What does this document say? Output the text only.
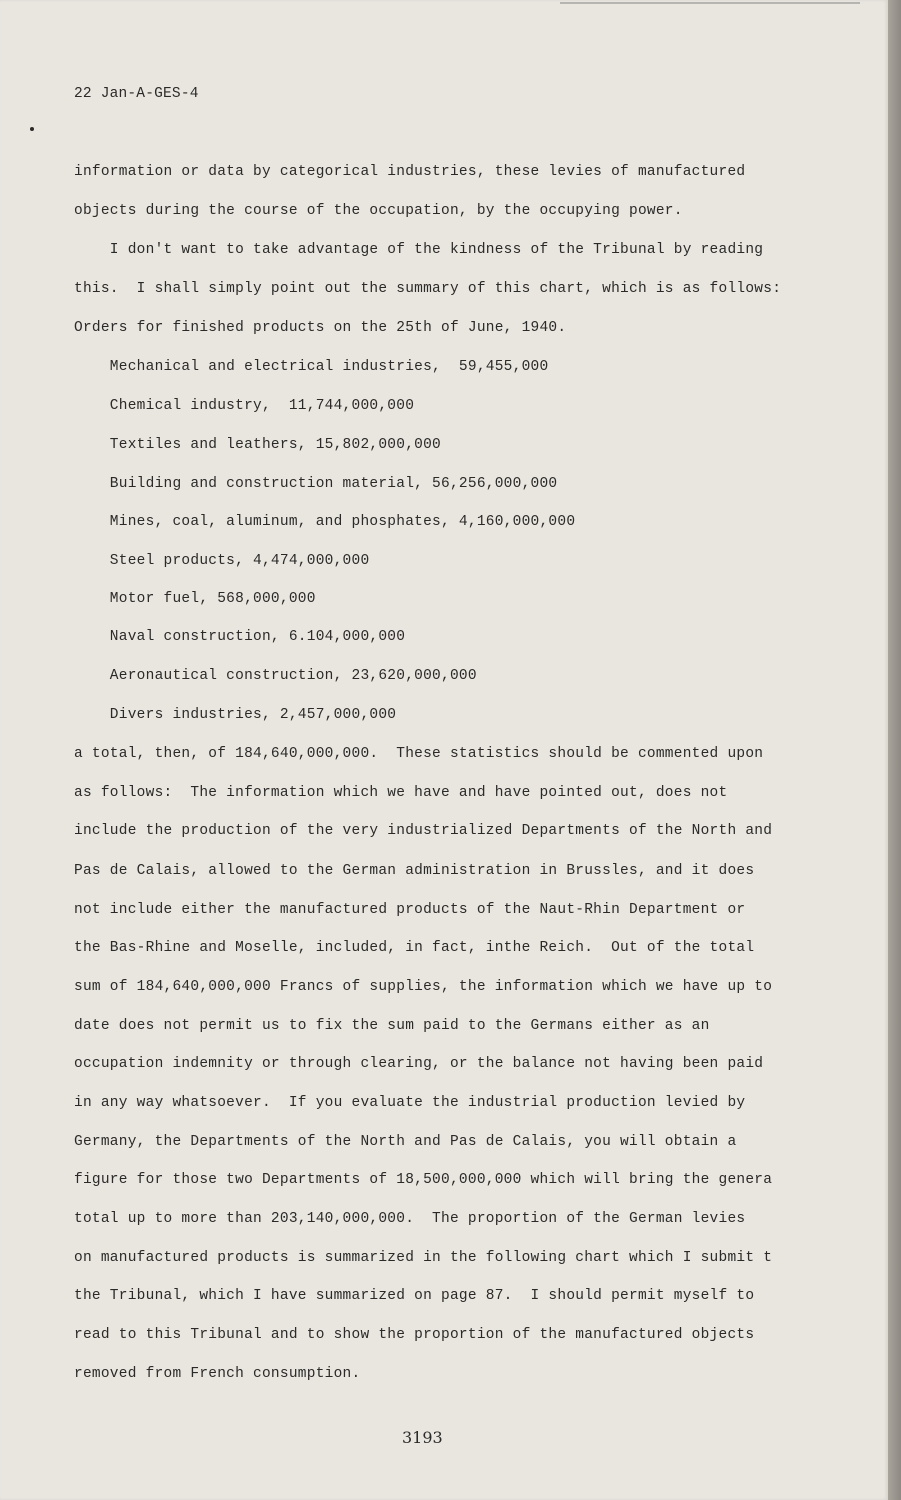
22 Jan-A-GES-4
information or data by categorical industries, these levies of manufactured
objects during the course of the occupation, by the occupying power.
I don't want to take advantage of the kindness of the Tribunal by reading
this.  I shall simply point out the summary of this chart, which is as follows:
Orders for finished products on the 25th of June, 1940.
Mechanical and electrical industries,  59,455,000
Chemical industry,  11,744,000,000
Textiles and leathers, 15,802,000,000
Building and construction material, 56,256,000,000
Mines, coal, aluminum, and phosphates, 4,160,000,000
Steel products, 4,474,000,000
Motor fuel, 568,000,000
Naval construction, 6.104,000,000
Aeronautical construction, 23,620,000,000
Divers industries, 2,457,000,000
a total, then, of 184,640,000,000.  These statistics should be commented upon
as follows:  The information which we have and have pointed out, does not
include the production of the very industrialized Departments of the North and
Pas de Calais, allowed to the German administration in Brussles, and it does
not include either the manufactured products of the Naut-Rhin Department or
the Bas-Rhine and Moselle, included, in fact, inthe Reich.  Out of the total
sum of 184,640,000,000 Francs of supplies, the information which we have up to
date does not permit us to fix the sum paid to the Germans either as an
occupation indemnity or through clearing, or the balance not having been paid
in any way whatsoever.  If you evaluate the industrial production levied by
Germany, the Departments of the North and Pas de Calais, you will obtain a
figure for those two Departments of 18,500,000,000 which will bring the genera
total up to more than 203,140,000,000.  The proportion of the German levies
on manufactured products is summarized in the following chart which I submit t
the Tribunal, which I have summarized on page 87.  I should permit myself to
read to this Tribunal and to show the proportion of the manufactured objects
removed from French consumption.
3193
